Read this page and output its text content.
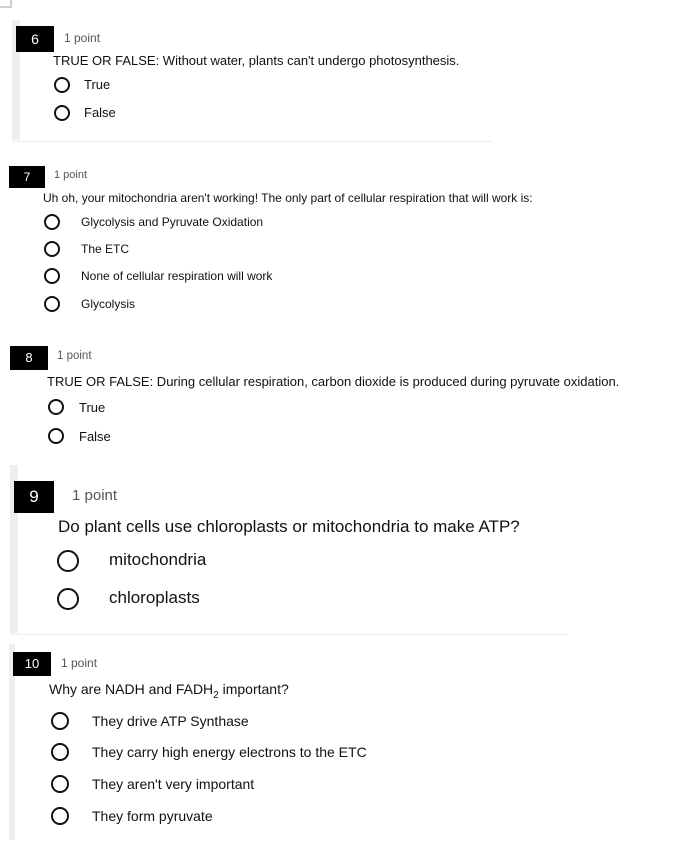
6	1 point
TRUE OR FALSE: Without water, plants can't undergo photosynthesis.
True
False
7	1 point
Uh oh, your mitochondria aren't working! The only part of cellular respiration that will work is:
Glycolysis and Pyruvate Oxidation
The ETC
None of cellular respiration will work
Glycolysis
8	1 point
TRUE OR FALSE: During cellular respiration, carbon dioxide is produced during pyruvate oxidation.
True
False
9	1 point
Do plant cells use chloroplasts or mitochondria to make ATP?
mitochondria
chloroplasts
10	1 point
Why are NADH and $FADH_2$ important?
They drive ATP Synthase
They carry high energy electrons to the ETC
They aren't very important
They form pyruvate
